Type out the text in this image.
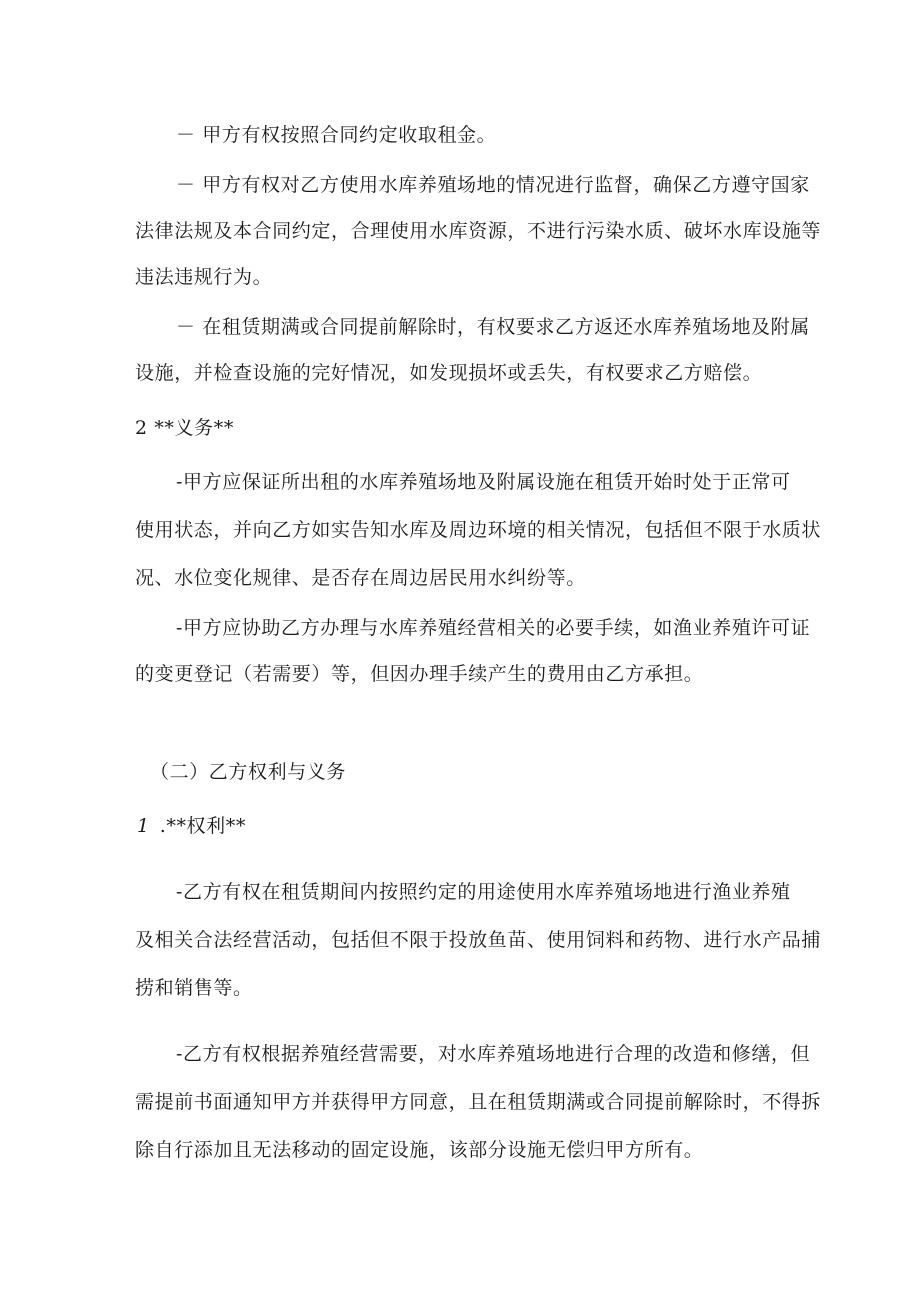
－ 甲方有权按照合同约定收取租金。

－ 甲方有权对乙方使用水库养殖场地的情况进行监督，确保乙方遵守国家

法律法规及本合同约定，合理使用水库资源，不进行污染水质、破坏水库设施等

违法违规行为。

－ 在租赁期满或合同提前解除时，有权要求乙方返还水库养殖场地及附属

设施，并检查设施的完好情况，如发现损坏或丢失，有权要求乙方赔偿。

2 **义务**

-甲方应保证所出租的水库养殖场地及附属设施在租赁开始时处于正常可

使用状态，并向乙方如实告知水库及周边环境的相关情况，包括但不限于水质状

况、水位变化规律、是否存在周边居民用水纠纷等。

-甲方应协助乙方办理与水库养殖经营相关的必要手续，如渔业养殖许可证

的变更登记（若需要）等，但因办理手续产生的费用由乙方承担。

（二）乙方权利与义务

1 .**权利**

-乙方有权在租赁期间内按照约定的用途使用水库养殖场地进行渔业养殖

及相关合法经营活动，包括但不限于投放鱼苗、使用饲料和药物、进行水产品捕

捞和销售等。

-乙方有权根据养殖经营需要，对水库养殖场地进行合理的改造和修缮，但

需提前书面通知甲方并获得甲方同意，且在租赁期满或合同提前解除时，不得拆

除自行添加且无法移动的固定设施，该部分设施无偿归甲方所有。
